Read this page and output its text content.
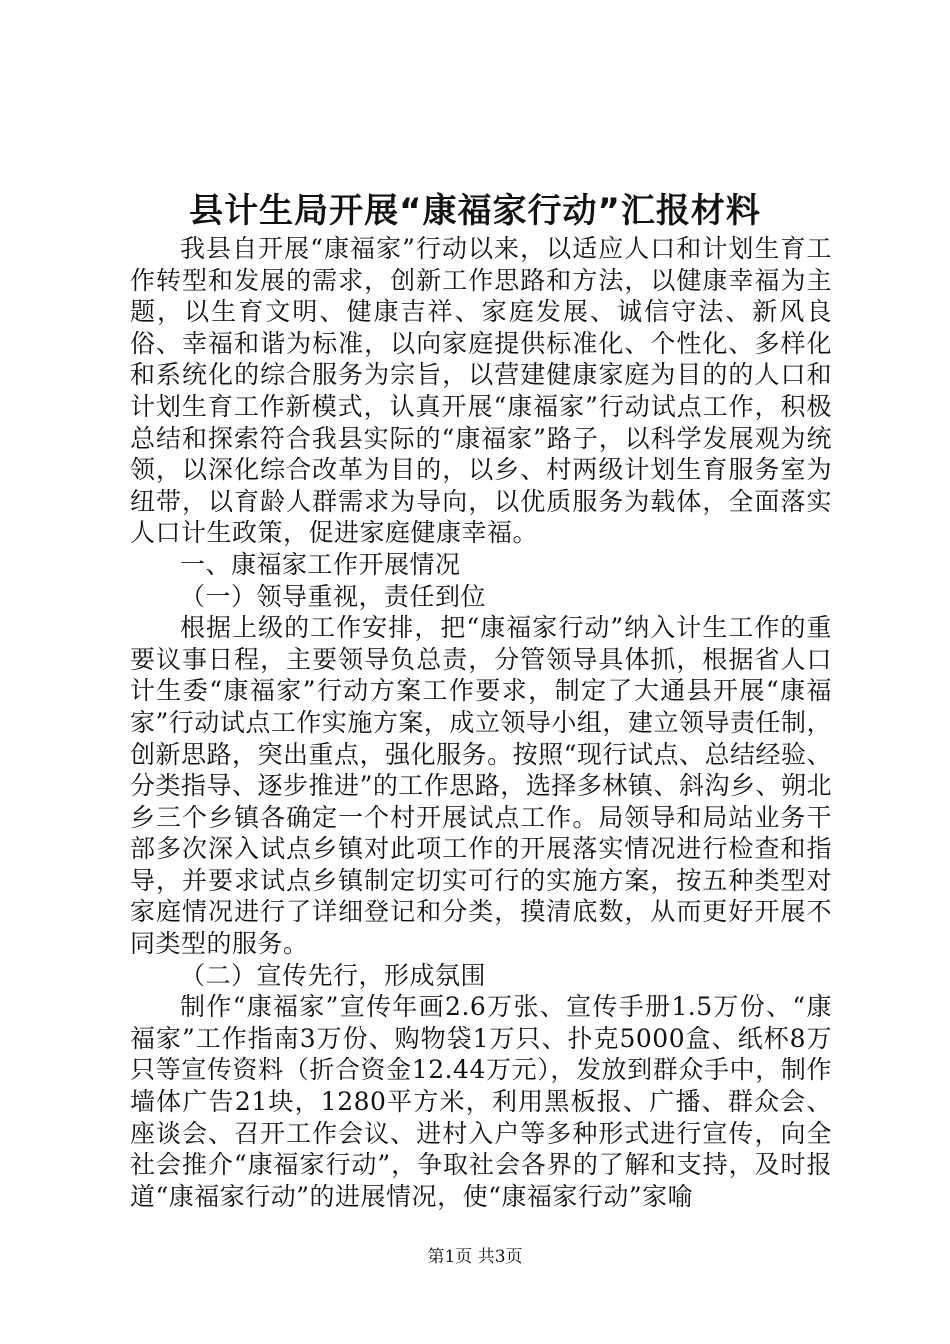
县计生局开展“康福家行动”汇报材料

我县自开展“康福家”行动以来，以适应人口和计划生育工作转型和发展的需求，创新工作思路和方法，以健康幸福为主题，以生育文明、健康吉祥、家庭发展、诚信守法、新风良俗、幸福和谐为标准，以向家庭提供标准化、个性化、多样化和系统化的综合服务为宗旨，以营建健康家庭为目的的人口和计划生育工作新模式，认真开展“康福家”行动试点工作，积极总结和探索符合我县实际的“康福家”路子，以科学发展观为统领，以深化综合改革为目的，以乡、村两级计划生育服务室为纽带，以育龄人群需求为导向，以优质服务为载体，全面落实人口计生政策，促进家庭健康幸福。

一、康福家工作开展情况

（一）领导重视，责任到位

根据上级的工作安排，把“康福家行动”纳入计生工作的重要议事日程，主要领导负总责，分管领导具体抓，根据省人口计生委“康福家”行动方案工作要求，制定了大通县开展“康福家”行动试点工作实施方案，成立领导小组，建立领导责任制，创新思路，突出重点，强化服务。按照“现行试点、总结经验、分类指导、逐步推进”的工作思路，选择多林镇、斜沟乡、朔北乡三个乡镇各确定一个村开展试点工作。局领导和局站业务干部多次深入试点乡镇对此项工作的开展落实情况进行检查和指导，并要求试点乡镇制定切实可行的实施方案，按五种类型对家庭情况进行了详细登记和分类，摸清底数，从而更好开展不同类型的服务。

（二）宣传先行，形成氛围

制作“康福家”宣传年画2.6万张、宣传手册1.5万份、“康福家”工作指南3万份、购物袋1万只、扑克5000盒、纸杯8万只等宣传资料（折合资金12.44万元），发放到群众手中，制作墙体广告21块，1280平方米，利用黑板报、广播、群众会、座谈会、召开工作会议、进村入户等多种形式进行宣传，向全社会推介“康福家行动”，争取社会各界的了解和支持，及时报道“康福家行动”的进展情况，使“康福家行动”家喻

第1页 共3页
